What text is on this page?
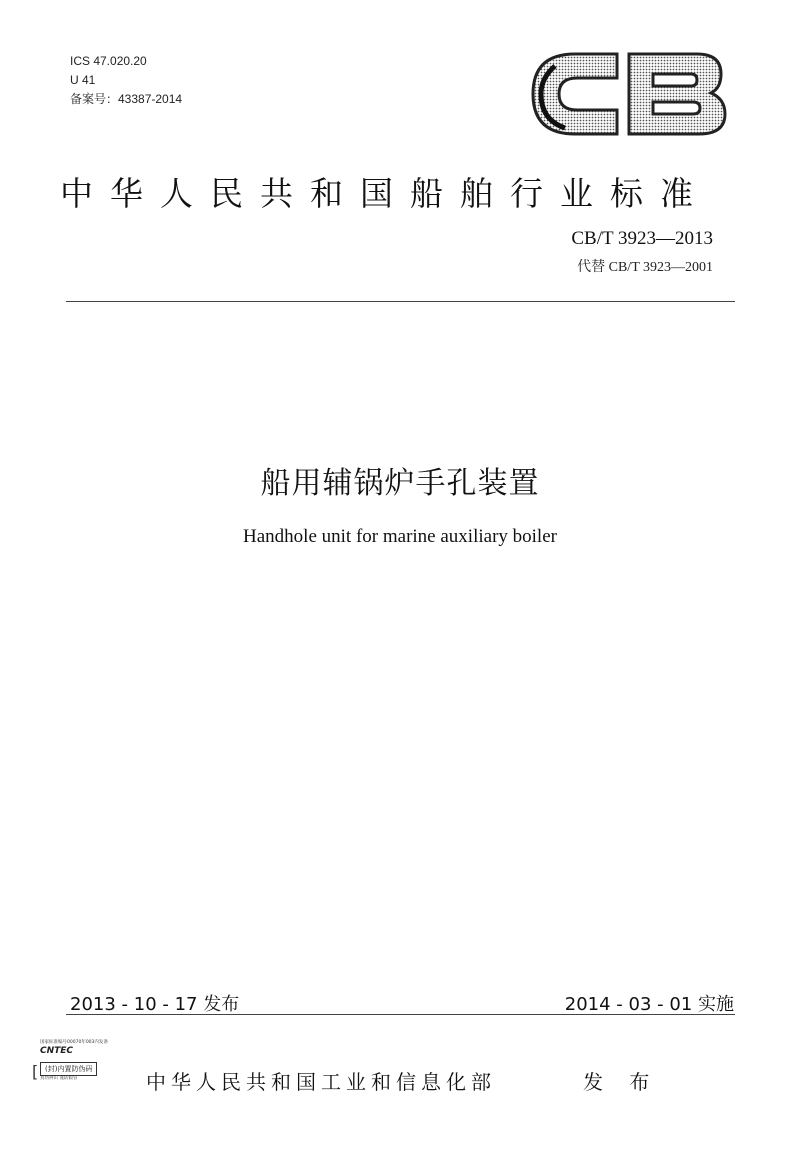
ICS 47.020.20
U 41
备案号：43387-2014
中华人民共和国船舶行业标准
CB/T 3923—2013
代替 CB/T 3923—2001
船用辅锅炉手孔装置
Handhole unit for marine auxiliary boiler
2013 - 10 - 17 发布	2014 - 03 - 01 实施
[
国家标准编号00070年003内发条
CNTEC
(封)内置防伪码
真伪辨识 谨防假冒	中华人民共和国工业和信息化部	发 布
